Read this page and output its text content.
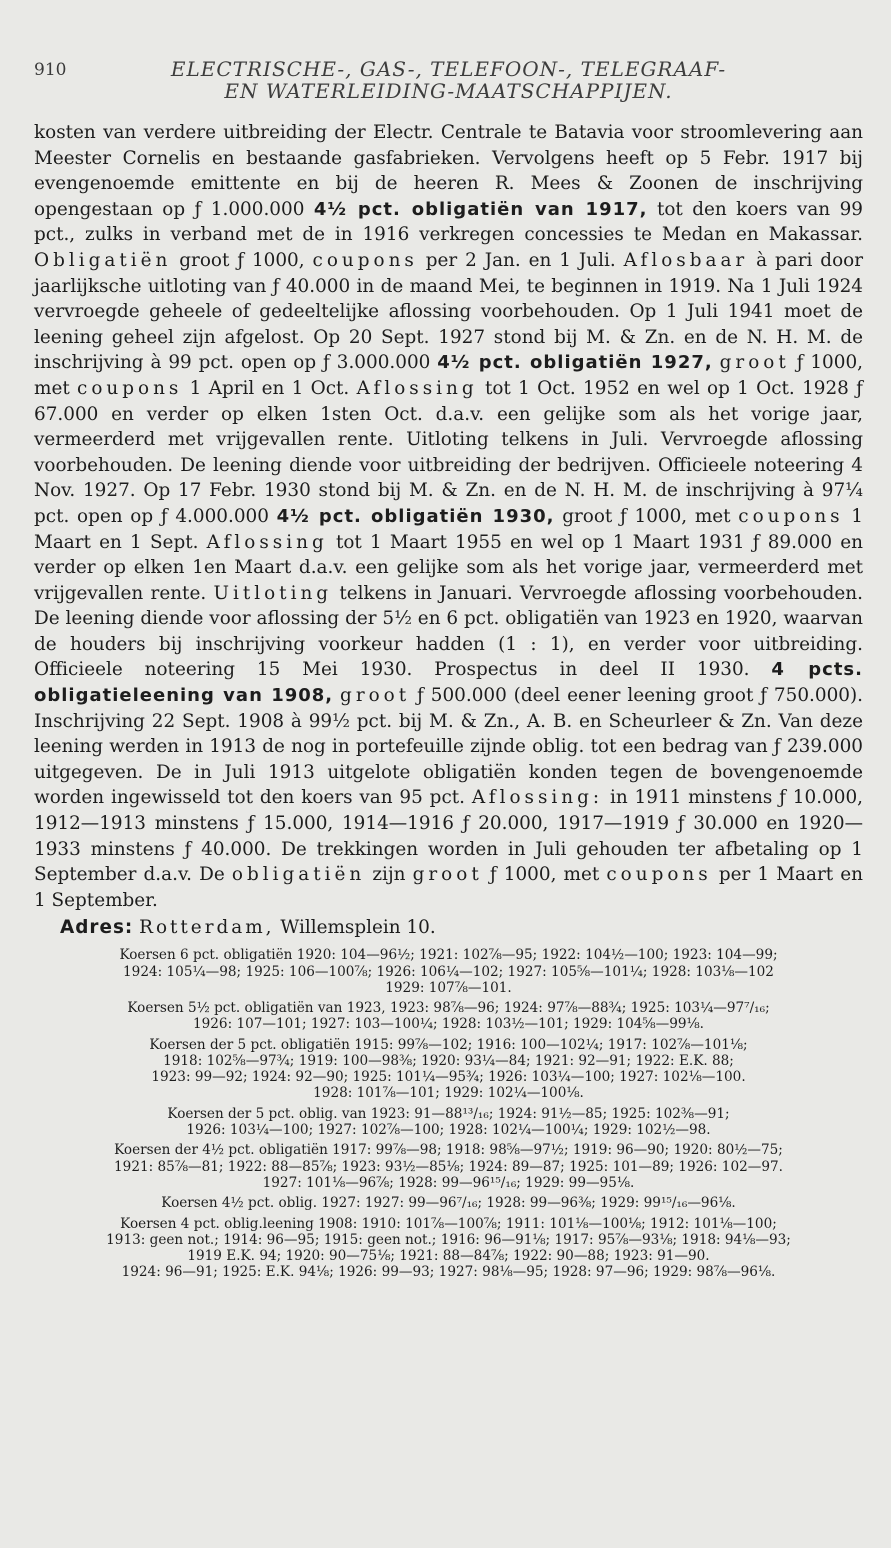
910	ELECTRISCHE-, GAS-, TELEFOON-, TELEGRAAF-
EN WATERLEIDING-MAATSCHAPPIJEN.
kosten van verdere uitbreiding der Electr. Centrale te Batavia voor stroomlevering aan Meester Cornelis en bestaande gasfabrieken. Vervolgens heeft op 5 Febr. 1917 bij evengenoemde emittente en bij de heeren R. Mees & Zoonen de inschrijving opengestaan op ƒ 1.000.000 4½ pct. obligatiën van 1917, tot den koers van 99 pct., zulks in verband met de in 1916 verkregen concessies te Medan en Makassar. Obligatiën groot ƒ 1000, coupons per 2 Jan. en 1 Juli. Aflosbaar à pari door jaarlijksche uitloting van ƒ 40.000 in de maand Mei, te beginnen in 1919. Na 1 Juli 1924 vervroegde geheele of gedeeltelijke aflossing voorbehouden. Op 1 Juli 1941 moet de leening geheel zijn afgelost. Op 20 Sept. 1927 stond bij M. & Zn. en de N. H. M. de inschrijving à 99 pct. open op ƒ 3.000.000 4½ pct. obligatiën 1927, groot ƒ 1000, met coupons 1 April en 1 Oct. Aflossing tot 1 Oct. 1952 en wel op 1 Oct. 1928 ƒ 67.000 en verder op elken 1sten Oct. d.a.v. een gelijke som als het vorige jaar, vermeerderd met vrijgevallen rente. Uitloting telkens in Juli. Vervroegde aflossing voorbehouden. De leening diende voor uitbreiding der bedrijven. Officieele noteering 4 Nov. 1927. Op 17 Febr. 1930 stond bij M. & Zn. en de N. H. M. de inschrijving à 97¼ pct. open op ƒ 4.000.000 4½ pct. obligatiën 1930, groot ƒ 1000, met coupons 1 Maart en 1 Sept. Aflossing tot 1 Maart 1955 en wel op 1 Maart 1931 ƒ 89.000 en verder op elken 1en Maart d.a.v. een gelijke som als het vorige jaar, vermeerderd met vrijgevallen rente. Uitloting telkens in Januari. Vervroegde aflossing voorbehouden. De leening diende voor aflossing der 5½ en 6 pct. obligatiën van 1923 en 1920, waarvan de houders bij inschrijving voorkeur hadden (1 : 1), en verder voor uitbreiding. Officieele noteering 15 Mei 1930. Prospectus in deel II 1930. 4 pcts. obligatieleening van 1908, groot ƒ 500.000 (deel eener leening groot ƒ 750.000). Inschrijving 22 Sept. 1908 à 99½ pct. bij M. & Zn., A. B. en Scheurleer & Zn. Van deze leening werden in 1913 de nog in portefeuille zijnde oblig. tot een bedrag van ƒ 239.000 uitgegeven. De in Juli 1913 uitgelote obligatiën konden tegen de bovengenoemde worden ingewisseld tot den koers van 95 pct. Aflossing: in 1911 minstens ƒ 10.000, 1912—1913 minstens ƒ 15.000, 1914—1916 ƒ 20.000, 1917—1919 ƒ 30.000 en 1920—1933 minstens ƒ 40.000. De trekkingen worden in Juli gehouden ter afbetaling op 1 September d.a.v. De obligatiën zijn groot ƒ 1000, met coupons per 1 Maart en 1 September.
Adres: Rotterdam, Willemsplein 10.
Koersen 6 pct. obligatiën 1920: 104—96½; 1921: 102⅞—95; 1922: 104½—100; 1923: 104—99;
1924: 105¼—98; 1925: 106—100⅞; 1926: 106¼—102; 1927: 105⅝—101¼; 1928: 103⅛—102
1929: 107⅞—101.
Koersen 5½ pct. obligatiën van 1923, 1923: 98⅞—96; 1924: 97⅞—88¾; 1925: 103¼—97⁷/₁₆;
1926: 107—101; 1927: 103—100¼; 1928: 103½—101; 1929: 104⅝—99⅛.
Koersen der 5 pct. obligatiën 1915: 99⅞—102; 1916: 100—102¼; 1917: 102⅞—101⅛;
1918: 102⅝—97¾; 1919: 100—98⅜; 1920: 93¼—84; 1921: 92—91; 1922: E.K. 88;
1923: 99—92; 1924: 92—90; 1925: 101¼—95¾; 1926: 103¼—100; 1927: 102⅛—100.
1928: 101⅞—101; 1929: 102¼—100⅛.
Koersen der 5 pct. oblig. van 1923: 91—88¹³/₁₆; 1924: 91½—85; 1925: 102⅜—91;
1926: 103¼—100; 1927: 102⅞—100; 1928: 102¼—100¼; 1929: 102½—98.
Koersen der 4½ pct. obligatiën 1917: 99⅞—98; 1918: 98⅝—97½; 1919: 96—90; 1920: 80½—75;
1921: 85⅞—81; 1922: 88—85⅞; 1923: 93½—85⅛; 1924: 89—87; 1925: 101—89; 1926: 102—97.
1927: 101⅛—96⅞; 1928: 99—96¹⁵/₁₆; 1929: 99—95⅛.
Koersen 4½ pct. oblig. 1927: 1927: 99—96⁷/₁₆; 1928: 99—96⅜; 1929: 99¹⁵/₁₆—96⅛.
Koersen 4 pct. oblig.leening 1908: 1910: 101⅞—100⅞; 1911: 101⅛—100⅛; 1912: 101⅛—100;
1913: geen not.; 1914: 96—95; 1915: geen not.; 1916: 96—91⅛; 1917: 95⅞—93⅛; 1918: 94⅛—93;
1919 E.K. 94; 1920: 90—75⅛; 1921: 88—84⅞; 1922: 90—88; 1923: 91—90.
1924: 96—91; 1925: E.K. 94⅛; 1926: 99—93; 1927: 98⅛—95; 1928: 97—96; 1929: 98⅞—96⅛.
